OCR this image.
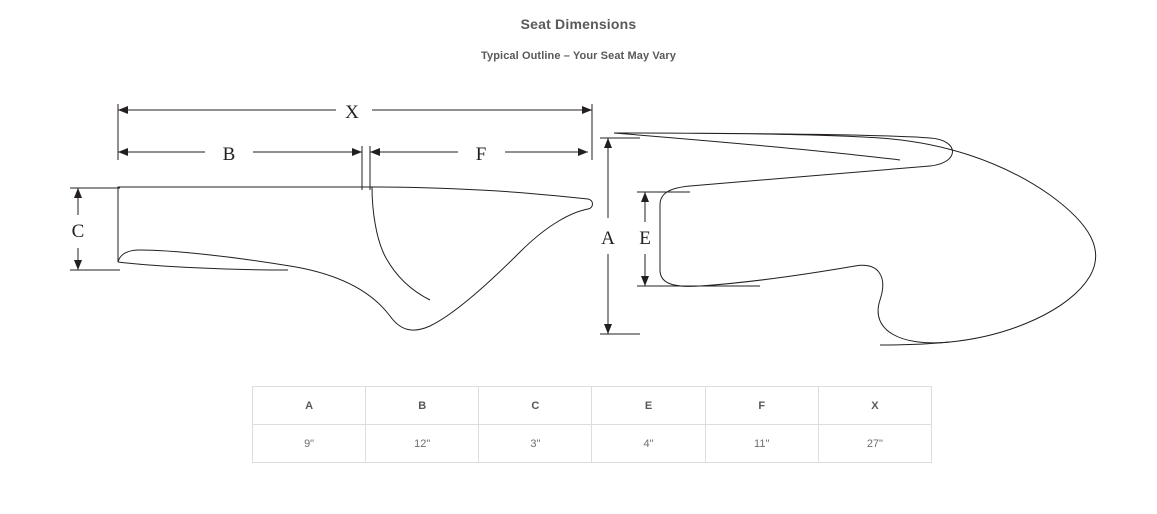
Seat Dimensions
Typical Outline – Your Seat May Vary
X
B	F
C	A E
A	B	C	E	F	X
9"	12"	3"	4"	11"	27"
